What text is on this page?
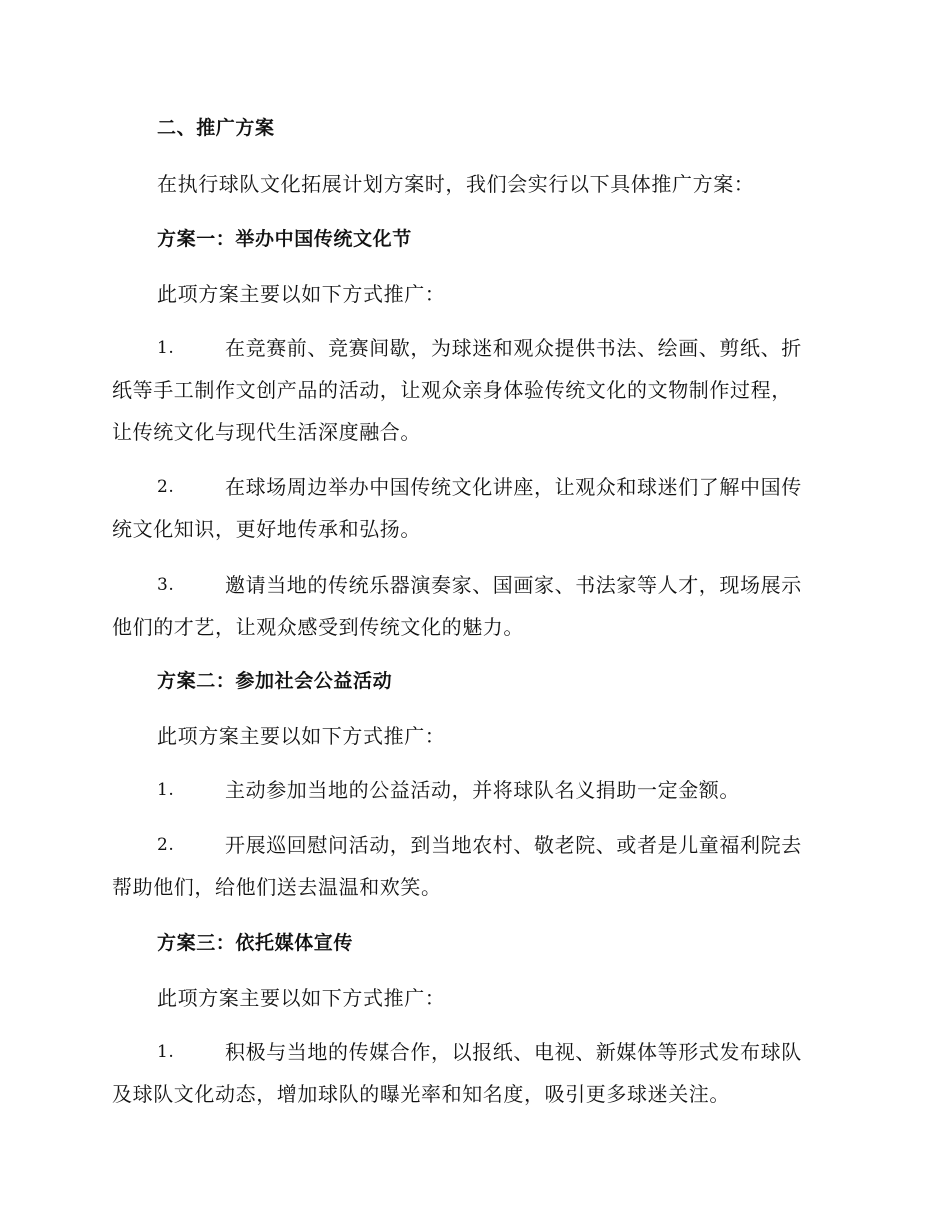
二、推广方案
在执行球队文化拓展计划方案时，我们会实行以下具体推广方案：
方案一：举办中国传统文化节
此项方案主要以如下方式推广：
1.	在竞赛前、竞赛间歇，为球迷和观众提供书法、绘画、剪纸、折
纸等手工制作文创产品的活动，让观众亲身体验传统文化的文物制作过程，
让传统文化与现代生活深度融合。
2.	在球场周边举办中国传统文化讲座，让观众和球迷们了解中国传
统文化知识，更好地传承和弘扬。
3.	邀请当地的传统乐器演奏家、国画家、书法家等人才，现场展示
他们的才艺，让观众感受到传统文化的魅力。
方案二：参加社会公益活动
此项方案主要以如下方式推广：
1.	主动参加当地的公益活动，并将球队名义捐助一定金额。
2.	开展巡回慰问活动，到当地农村、敬老院、或者是儿童福利院去
帮助他们，给他们送去温温和欢笑。
方案三：依托媒体宣传
此项方案主要以如下方式推广：
1.	积极与当地的传媒合作，以报纸、电视、新媒体等形式发布球队
及球队文化动态，增加球队的曝光率和知名度，吸引更多球迷关注。
